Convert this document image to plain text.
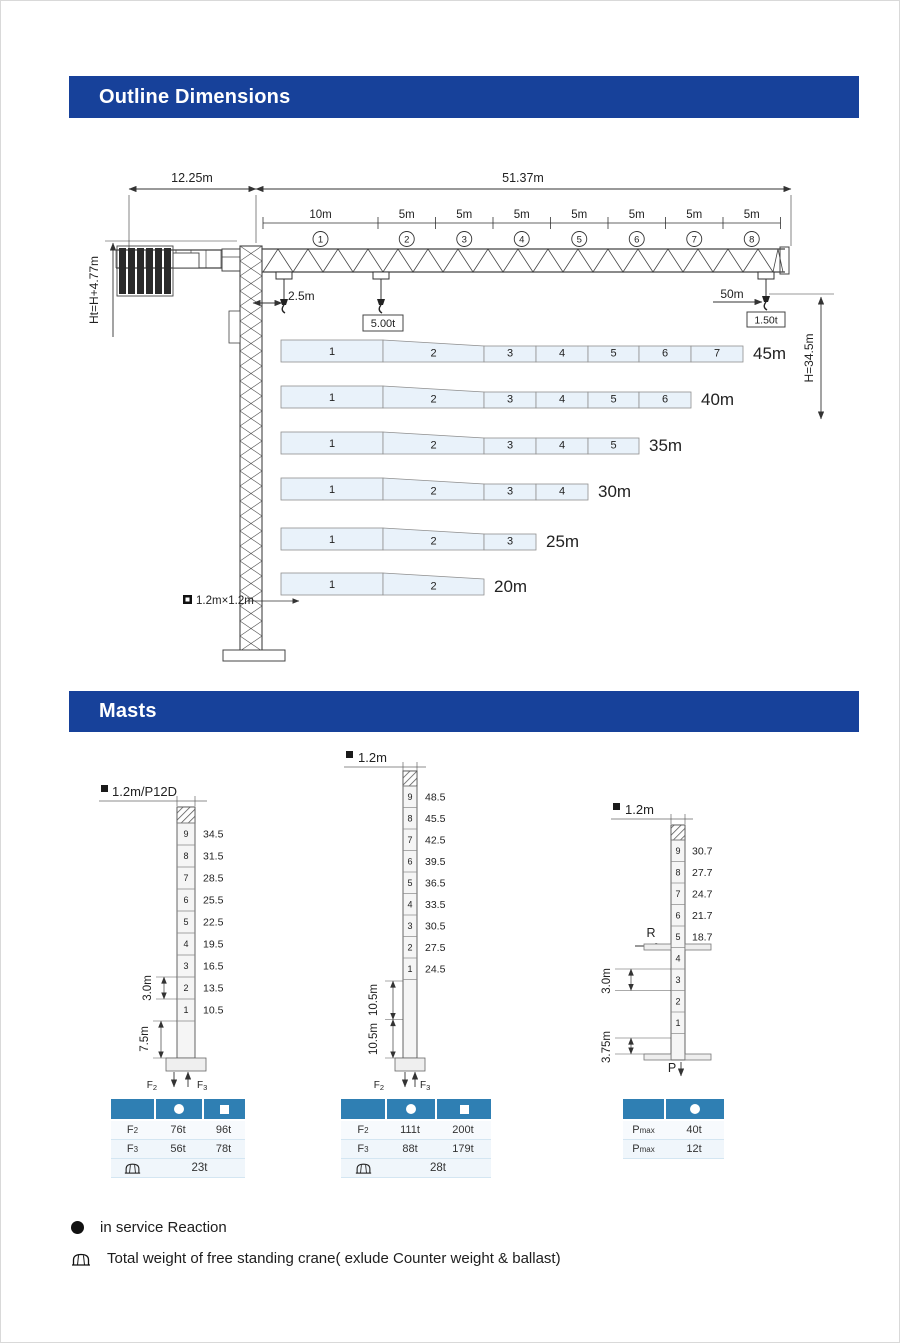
Outline Dimensions
12.25m	51.37m
10m
1
5m
2
5m
3
5m
4
5m
5
5m
6
5m
7
5m
8
2.5m	50m
5.00t	1.50t
Ht=H+4.77m
H=34.5m
1.2m×1.2m
1	2	3	4	5	6	7 45m
1	2	3	4	5	6 40m
1	2	3	4	5 35m
1	2	3	4 30m
1	2	3 25m
1	2	20m
Masts
1.2m/P12D
1.2m
1.2m
3.0m
7.5m
10.5m
10.5m
3.0m
3.75m
R
P
9 34.5
8 31.5
7 28.5
6 25.5
5 22.5
4 19.5
3 16.5
2 13.5
1 10.5
9 48.5
8 45.5
7 42.5
6 39.5
5 36.5
4 33.5
3 30.5
2 27.5
1 24.5
9 30.7
8 27.7
7 24.7
6 21.7
5 18.7
4
3
2
1
$F_2$	$F_3$	$F_2$	$F_3$
F 2	76t	96t
F 3	56t	78t
23t
F 2	111t	200t
F 3	88t	179t
28t
P max	40t
P max	12t
in service Reaction
Total weight of free standing crane( exlude Counter weight & ballast)
